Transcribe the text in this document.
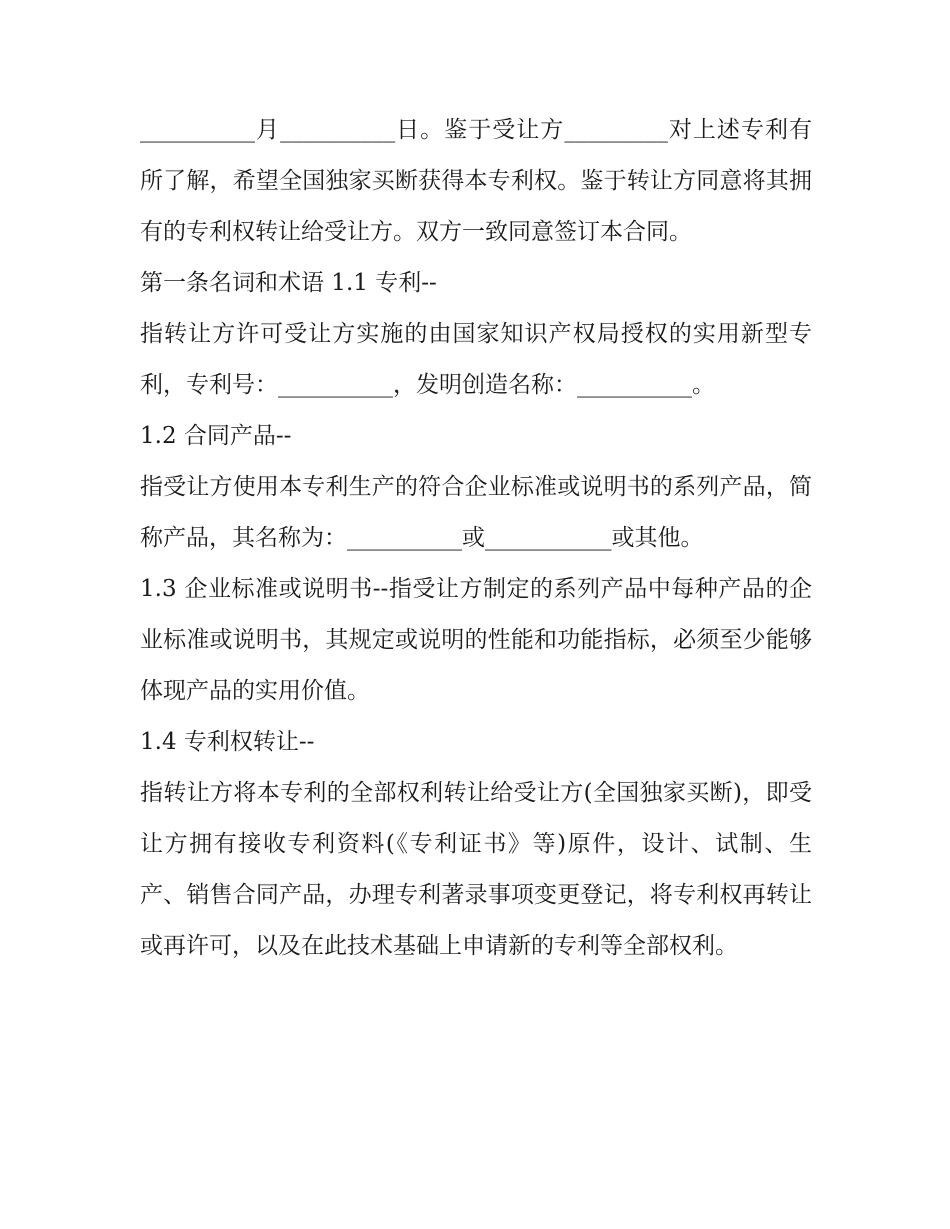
__________月__________日。鉴于受让方_________对上述专利有所了解，希望全国独家买断获得本专利权。鉴于转让方同意将其拥有的专利权转让给受让方。双方一致同意签订本合同。

第一条名词和术语 1.1 专利--

指转让方许可受让方实施的由国家知识产权局授权的实用新型专利，专利号：__________，发明创造名称：__________。

1.2 合同产品--

指受让方使用本专利生产的符合企业标准或说明书的系列产品，简称产品，其名称为：__________或___________或其他。

1.3 企业标准或说明书--指受让方制定的系列产品中每种产品的企业标准或说明书，其规定或说明的性能和功能指标，必须至少能够体现产品的实用价值。

1.4 专利权转让--

指转让方将本专利的全部权利转让给受让方(全国独家买断)，即受让方拥有接收专利资料(《专利证书》等)原件，设计、试制、生产、销售合同产品，办理专利著录事项变更登记，将专利权再转让或再许可，以及在此技术基础上申请新的专利等全部权利。
